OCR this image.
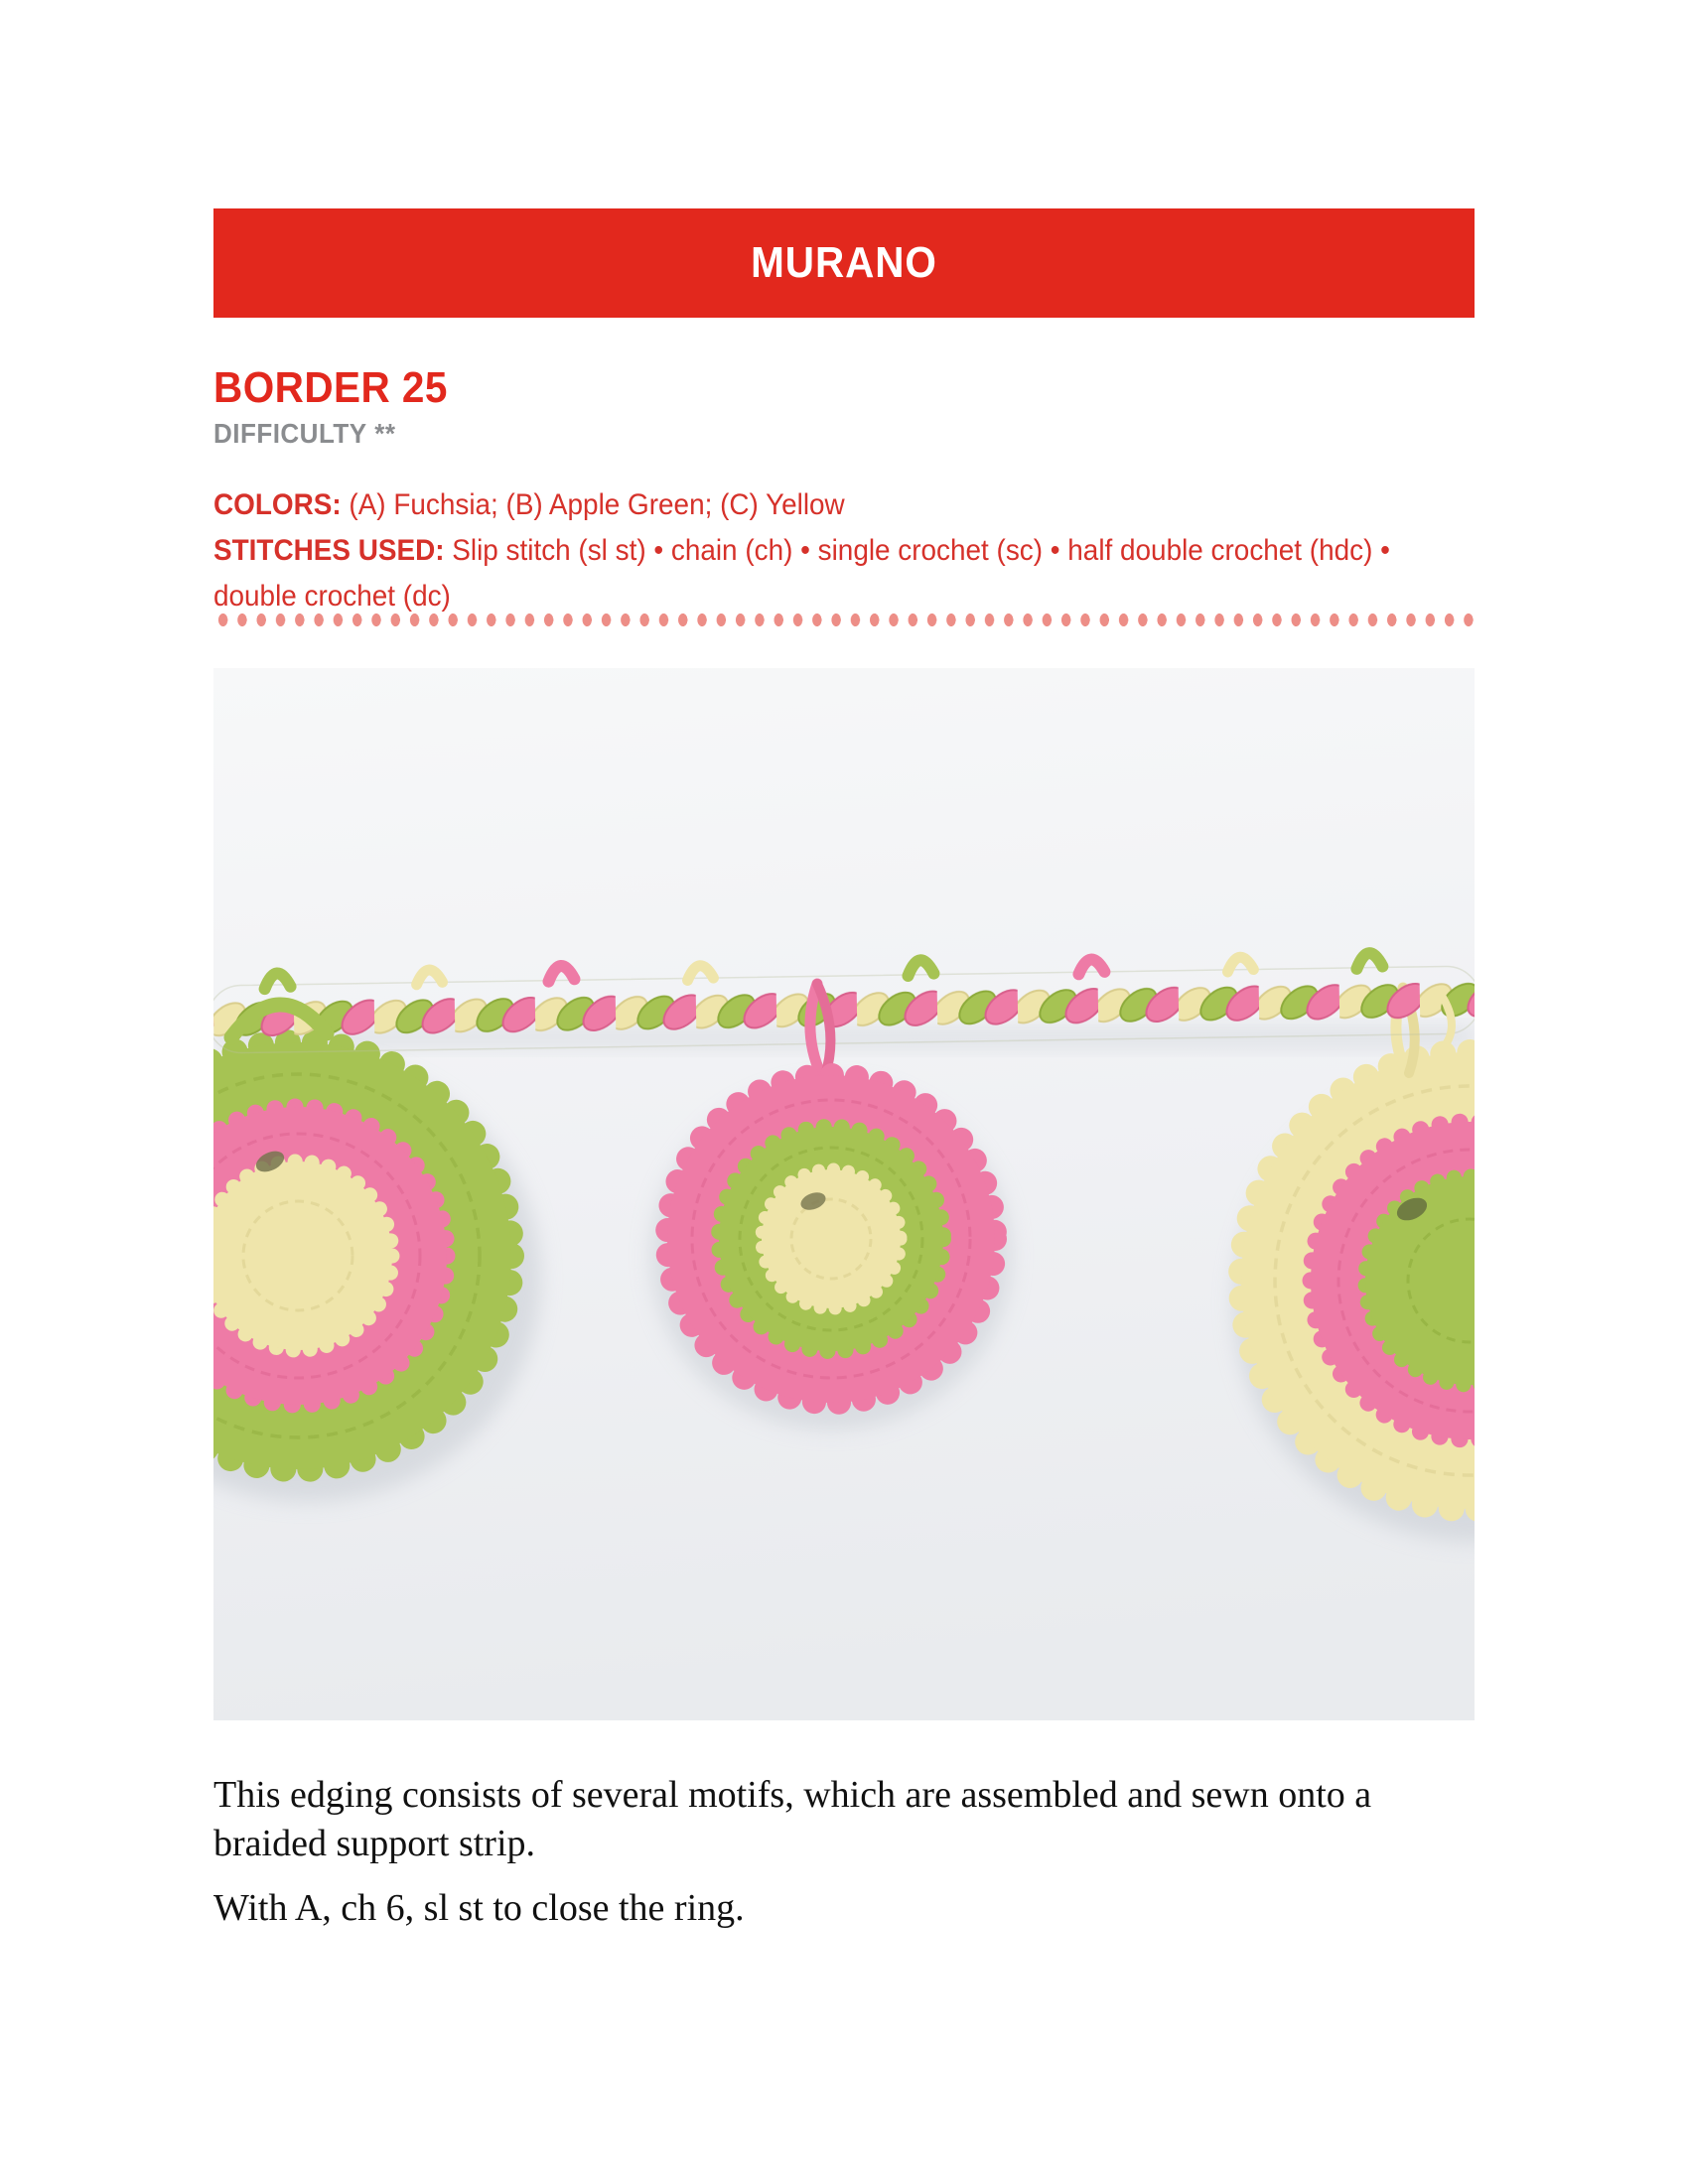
MURANO
BORDER 25
DIFFICULTY **
COLORS: (A) Fuchsia; (B) Apple Green; (C) Yellow
STITCHES USED: Slip stitch (sl st) • chain (ch) • single crochet (sc) • half double crochet (hdc) • double crochet (dc)

This edging consists of several motifs, which are assembled and sewn onto a braided support strip.

With A, ch 6, sl st to close the ring.
